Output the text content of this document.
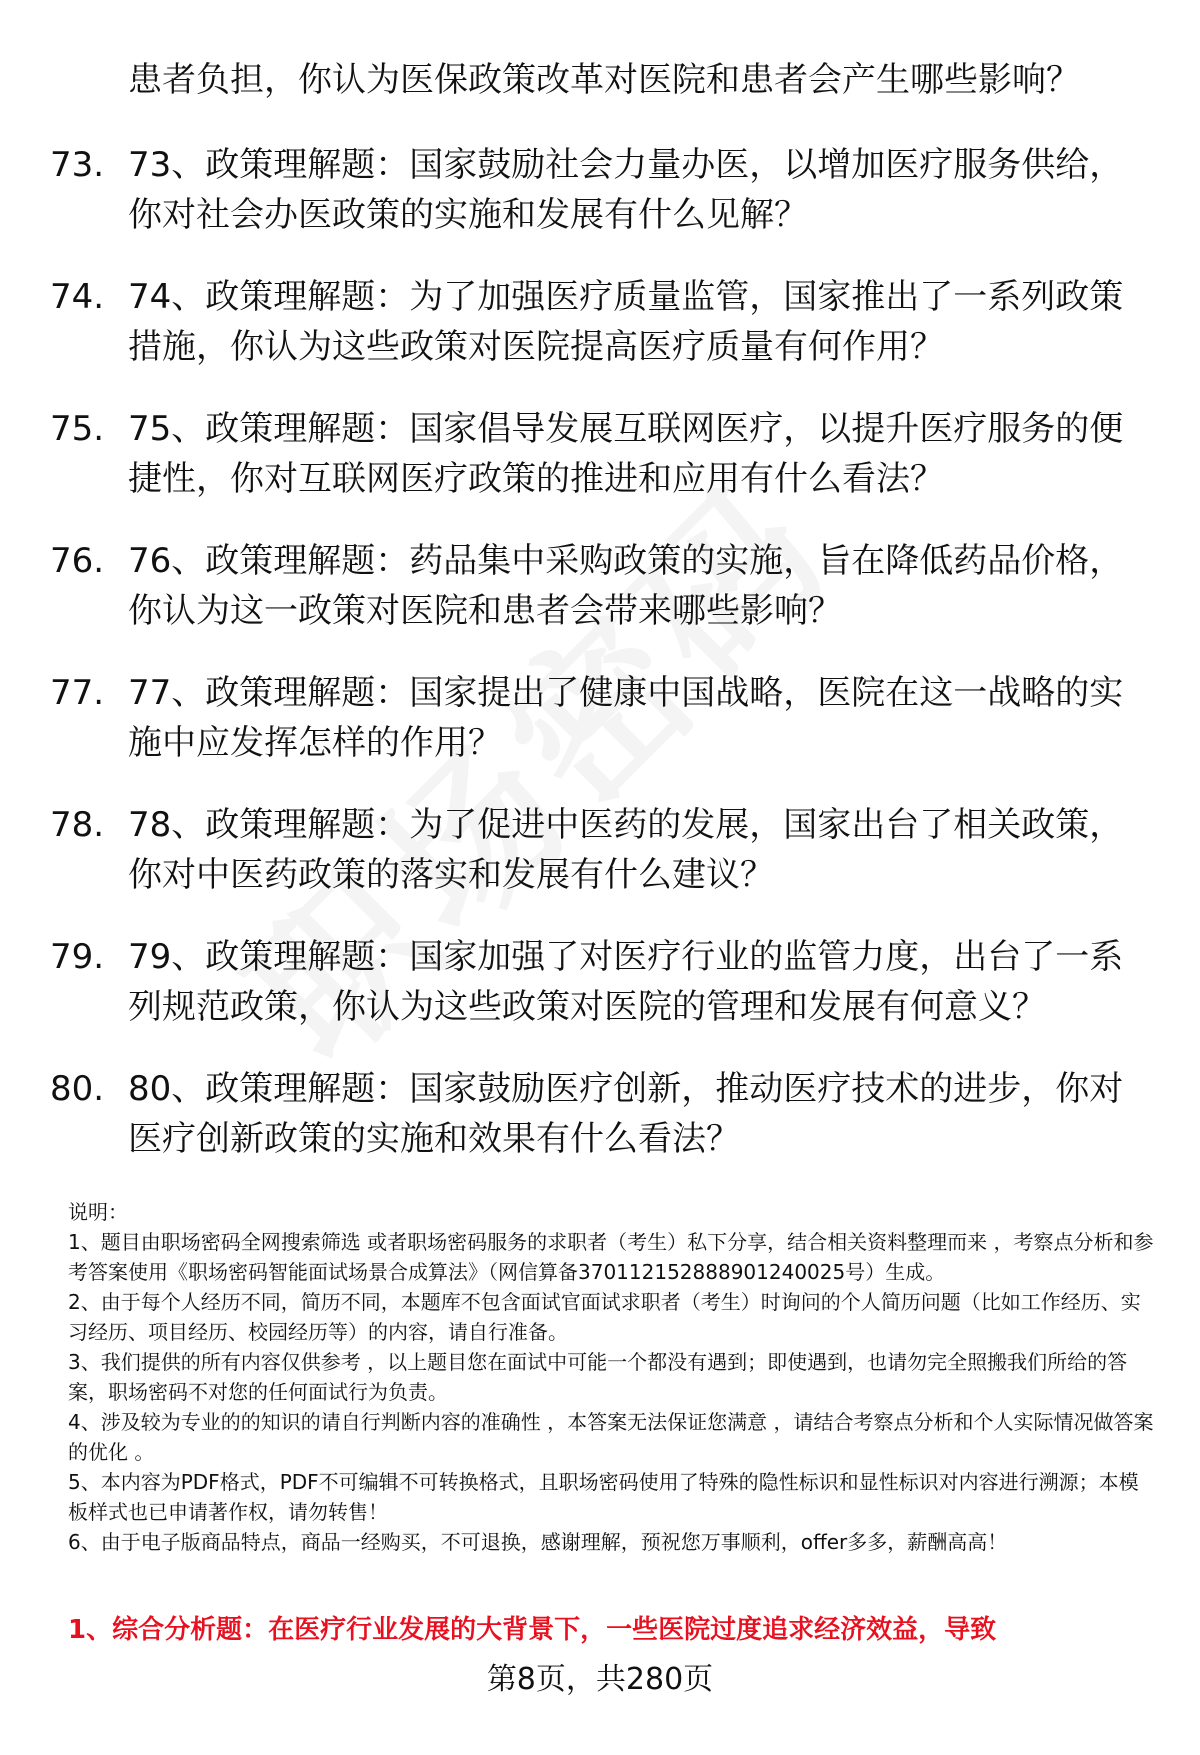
患者负担，你认为医保政策改革对医院和患者会产生哪些影响？

73. 73、政策理解题：国家鼓励社会力量办医，以增加医疗服务供给，你对社会办医政策的实施和发展有什么见解？

74. 74、政策理解题：为了加强医疗质量监管，国家推出了一系列政策措施，你认为这些政策对医院提高医疗质量有何作用？

75. 75、政策理解题：国家倡导发展互联网医疗，以提升医疗服务的便捷性，你对互联网医疗政策的推进和应用有什么看法？

76. 76、政策理解题：药品集中采购政策的实施，旨在降低药品价格，你认为这一政策对医院和患者会带来哪些影响？

77. 77、政策理解题：国家提出了健康中国战略，医院在这一战略的实施中应发挥怎样的作用？

78. 78、政策理解题：为了促进中医药的发展，国家出台了相关政策，你对中医药政策的落实和发展有什么建议？

79. 79、政策理解题：国家加强了对医疗行业的监管力度，出台了一系列规范政策，你认为这些政策对医院的管理和发展有何意义？

80. 80、政策理解题：国家鼓励医疗创新，推动医疗技术的进步，你对医疗创新政策的实施和效果有什么看法？

说明：

1、题目由职场密码全网搜索筛选 或者职场密码服务的求职者（考生）私下分享，结合相关资料整理而来 ，考察点分析和参考答案使用《职场密码智能面试场景合成算法》（网信算备370112152888901240025号）生成。

2、由于每个人经历不同，简历不同，本题库不包含面试官面试求职者（考生）时询问的个人简历问题（比如工作经历、实习经历、项目经历、校园经历等）的内容，请自行准备。

3、我们提供的所有内容仅供参考 ，以上题目您在面试中可能一个都没有遇到；即使遇到，也请勿完全照搬我们所给的答案，职场密码不对您的任何面试行为负责。

4、涉及较为专业的的知识的请自行判断内容的准确性 ，本答案无法保证您满意 ，请结合考察点分析和个人实际情况做答案的优化 。

5、本内容为PDF格式，PDF不可编辑不可转换格式，且职场密码使用了特殊的隐性标识和显性标识对内容进行溯源；本模板样式也已申请著作权，请勿转售！

6、由于电子版商品特点，商品一经购买，不可退换，感谢理解，预祝您万事顺利，offer多多，薪酬高高！

1、综合分析题：在医疗行业发展的大背景下，一些医院过度追求经济效益，导致

第8页，共280页
